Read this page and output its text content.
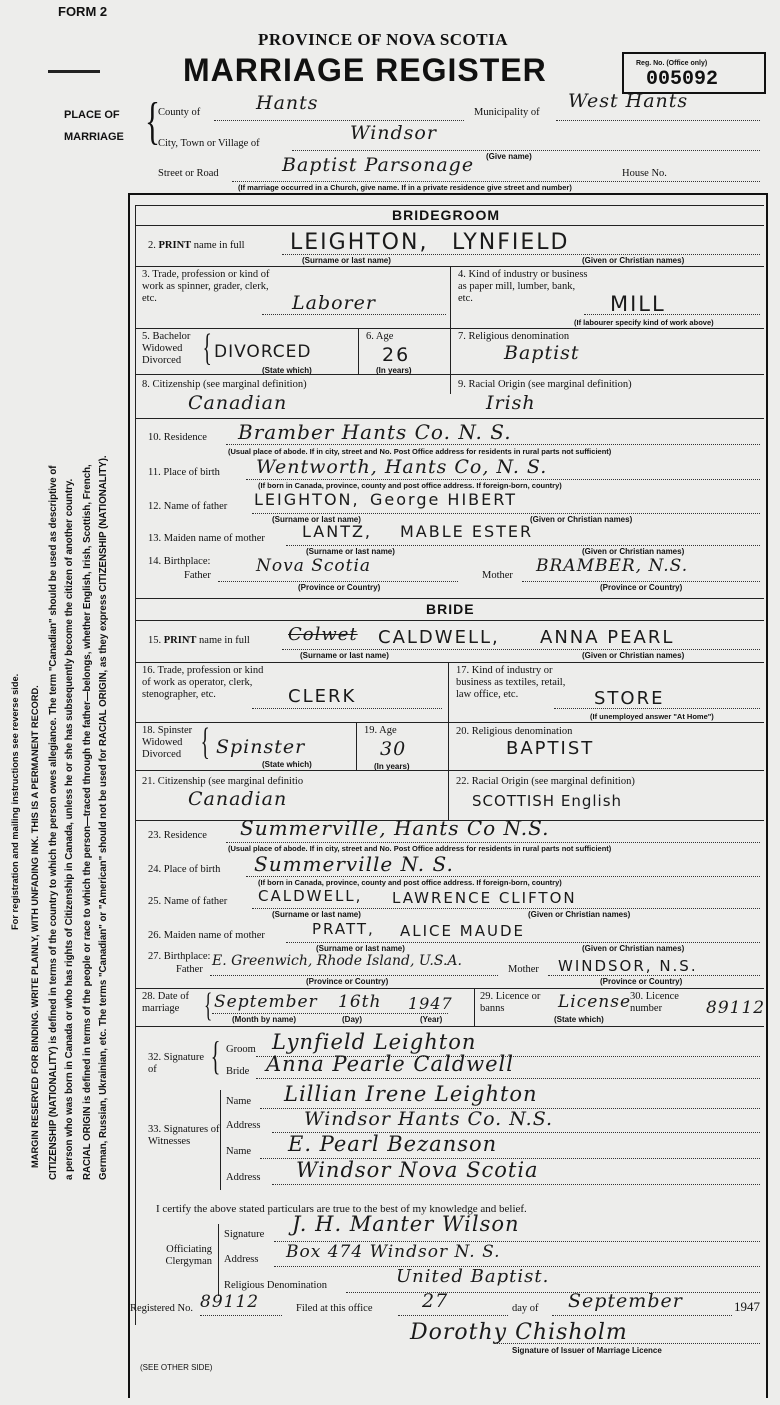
FORM 2
PROVINCE OF NOVA SCOTIA
MARRIAGE REGISTER	Reg. No. (Office only)
005092
PLACE OF
MARRIAGE {
County of	Hants	Municipality of
West Hants
City, Town or Village of	Windsor
(Give name)
Street or Road	Baptist Parsonage	House No.
(If marriage occurred in a Church, give name. If in a private residence give street and number)
BRIDEGROOM
2. PRINT name in full LEIGHTON, LYNFIELD
(Surname or last name)	(Given or Christian names)
3. Trade, profession or kind of work as spinner, grader, clerk, etc.	Laborer
4. Kind of industry or business as paper mill, lumber, bank, etc.	MILL
(If labourer specify kind of work above)
5. Bachelor Widowed Divorced { DIVORCED
(State which)
6. Age
26
(In years)
7. Religious denomination
Baptist
8. Citizenship (see marginal definition)
Canadian
9. Racial Origin (see marginal definition)
Irish
10. Residence Bramber Hants Co. N. S.
(Usual place of abode. If in city, street and No. Post Office address for residents in rural parts not sufficient)
11. Place of birth Wentworth, Hants Co, N. S.
(If born in Canada, province, county and post office address. If foreign-born, country)
12. Name of father LEIGHTON, George HIBERT
(Surname or last name)	(Given or Christian names)
13. Maiden name of mother LANTZ, MABLE ESTER
(Surname or last name)	(Given or Christian names)
14. Birthplace:
Father	Nova Scotia
(Province or Country)
Mother BRAMBER, N.S.
(Province or Country)
BRIDE
15. PRINT name in full Colwet CALDWELL, ANNA PEARL
(Surname or last name)	(Given or Christian names)
16. Trade, profession or kind of work as operator, clerk, stenographer, etc.	CLERK
17. Kind of industry or business as textiles, retail, law office, etc.	STORE
(If unemployed answer "At Home")
18. Spinster Widowed Divorced { Spinster
(State which)
19. Age
30
(In years)
20. Religious denomination
BAPTIST
21. Citizenship (see marginal definitio
Canadian
22. Racial Origin (see marginal definition)
SCOTTISH English
23. Residence Summerville, Hants Co N.S.
(Usual place of abode. If in city, street and No. Post Office address for residents in rural parts not sufficient)
24. Place of birth Summerville N. S.
(If born in Canada, province, county and post office address. If foreign-born, country)
25. Name of father CALDWELL, LAWRENCE CLIFTON
(Surname or last name)	(Given or Christian names)
26. Maiden name of mother	PRATT, ALICE MAUDE
(Surname or last name)	(Given or Christian names)
27. Birthplace:
Father
E. Greenwich, Rhode Island, U.S.A.
(Province or Country)
Mother WINDSOR, N.S.
(Province or Country)
28. Date of marriage { September 16th 1947
(Month by name)	(Day)	(Year)
29. Licence or banns	License
(State which)
30. Licence number	89112
32. Signature of	{ Groom Lynfield Leighton
Bride Anna Pearle Caldwell
33. Signatures of Witnesses
Name Lillian Irene Leighton
Address Windsor Hants Co. N.S.
Name E. Pearl Bezanson
Address Windsor Nova Scotia
I certify the above stated particulars are true to the best of my knowledge and belief.
Officiating Clergyman
Signature J. H. Manter Wilson
Address Box 474 Windsor N. S.
Religious Denomination	United Baptist.
Registered No. 89112	Filed at this office	27	day of September	1947
Dorothy Chisholm
Signature of Issuer of Marriage Licence
(SEE OTHER SIDE)
For registration and mailing instructions see reverse side. MARGIN RESERVED FOR BINDING. WRITE PLAINLY, WITH UNFADING INK. THIS IS A PERMANENT RECORD. CITIZENSHIP (NATIONALITY) is defined in terms of the country to which the person owes allegiance. The term "Canadian" should be used as descriptive of a person who was born in Canada or who has rights of Citizenship in Canada, unless he or she has subsequently become the citizen of another country. RACIAL ORIGIN is defined in terms of the people or race to which the person—traced through the father—belongs, whether English, Irish, Scottish, French, German, Russian, Ukrainian, etc. The terms "Canadian" or "American" should not be used for RACIAL ORIGIN, as they express CITIZENSHIP (NATIONALITY).
